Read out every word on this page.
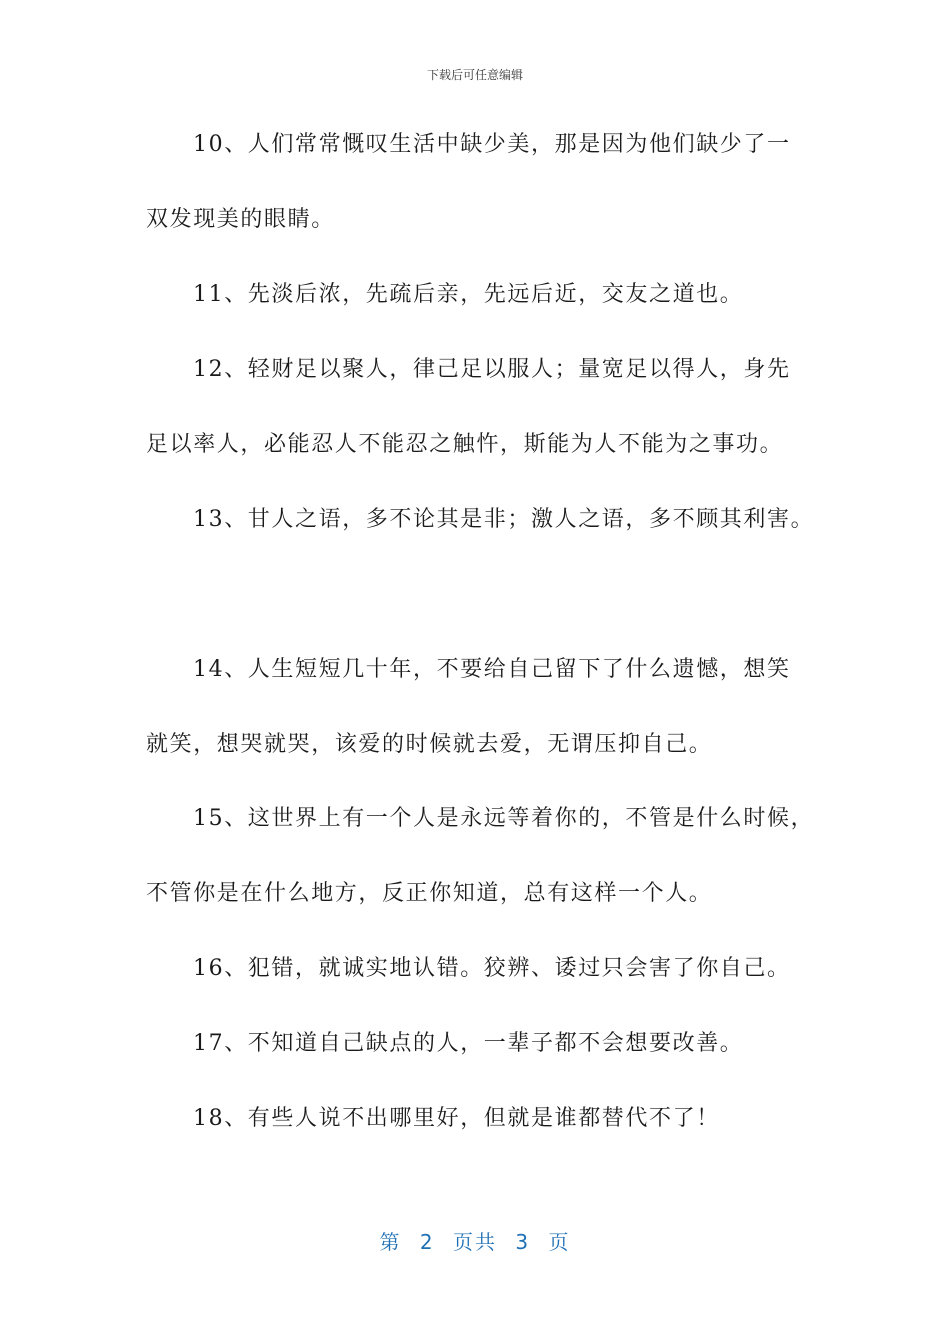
下载后可任意编辑
10、人们常常慨叹生活中缺少美，那是因为他们缺少了一
双发现美的眼睛。
11、先淡后浓，先疏后亲，先远后近，交友之道也。
12、轻财足以聚人，律己足以服人；量宽足以得人，身先
足以率人，必能忍人不能忍之触忤，斯能为人不能为之事功。
13、甘人之语，多不论其是非；激人之语，多不顾其利害。
14、人生短短几十年，不要给自己留下了什么遗憾，想笑
就笑，想哭就哭，该爱的时候就去爱，无谓压抑自己。
15、这世界上有一个人是永远等着你的，不管是什么时候，
不管你是在什么地方，反正你知道，总有这样一个人。
16、犯错，就诚实地认错。狡辨、诿过只会害了你自己。
17、不知道自己缺点的人，一辈子都不会想要改善。
18、有些人说不出哪里好，但就是谁都替代不了！
第 2 页共 3 页
